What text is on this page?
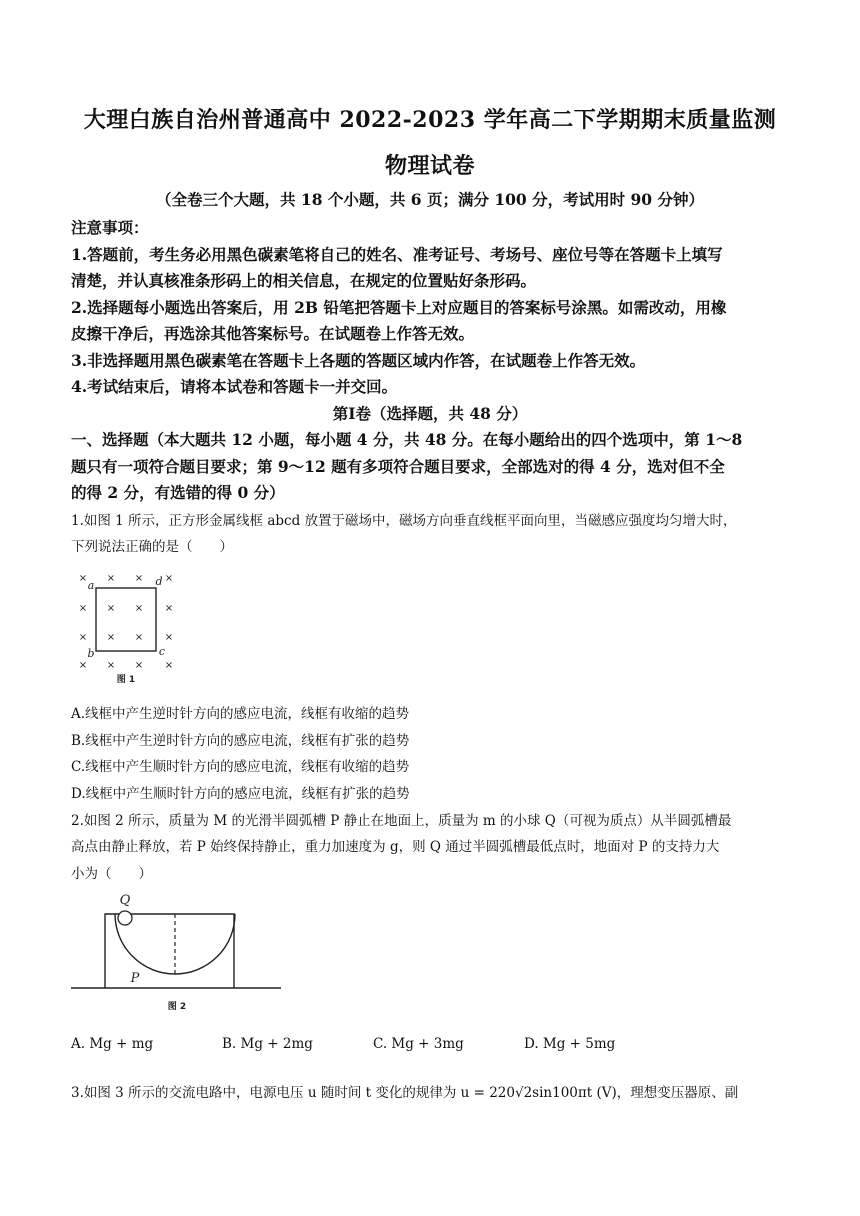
大理白族自治州普通高中 2022-2023 学年高二下学期期末质量监测
物理试卷
（全卷三个大题，共 18 个小题，共 6 页；满分 100 分，考试用时 90 分钟）
注意事项：
1.答题前，考生务必用黑色碳素笔将自己的姓名、准考证号、考场号、座位号等在答题卡上填写
清楚，并认真核准条形码上的相关信息，在规定的位置贴好条形码。
2.选择题每小题选出答案后，用 2B 铅笔把答题卡上对应题目的答案标号涂黑。如需改动，用橡
皮擦干净后，再选涂其他答案标号。在试题卷上作答无效。
3.非选择题用黑色碳素笔在答题卡上各题的答题区域内作答，在试题卷上作答无效。
4.考试结束后，请将本试卷和答题卡一并交回。
第Ⅰ卷（选择题，共 48 分）
一、选择题（本大题共 12 小题，每小题 4 分，共 48 分。在每小题给出的四个选项中，第 1～8
题只有一项符合题目要求；第 9～12 题有多项符合题目要求，全部选对的得 4 分，选对但不全
的得 2 分，有选错的得 0 分）
1.如图 1 所示，正方形金属线框 abcd 放置于磁场中，磁场方向垂直线框平面向里，当磁感应强度均匀增大时，
下列说法正确的是（　　）
× × × ×
× × × ×
× × × ×
× × × ×
a	d
b	c
图 1
A.线框中产生逆时针方向的感应电流，线框有收缩的趋势
B.线框中产生逆时针方向的感应电流，线框有扩张的趋势
C.线框中产生顺时针方向的感应电流，线框有收缩的趋势
D.线框中产生顺时针方向的感应电流，线框有扩张的趋势
2.如图 2 所示，质量为 M 的光滑半圆弧槽 P 静止在地面上，质量为 m 的小球 Q（可视为质点）从半圆弧槽最
高点由静止释放，若 P 始终保持静止，重力加速度为 g，则 Q 通过半圆弧槽最低点时，地面对 P 的支持力大
小为（　　）
Q
P
图 2
A. Mg + mg	B. Mg + 2mg	C. Mg + 3mg	D. Mg + 5mg
3.如图 3 所示的交流电路中，电源电压 u 随时间 t 变化的规律为 u = 220√2sin100πt (V)，理想变压器原、副
